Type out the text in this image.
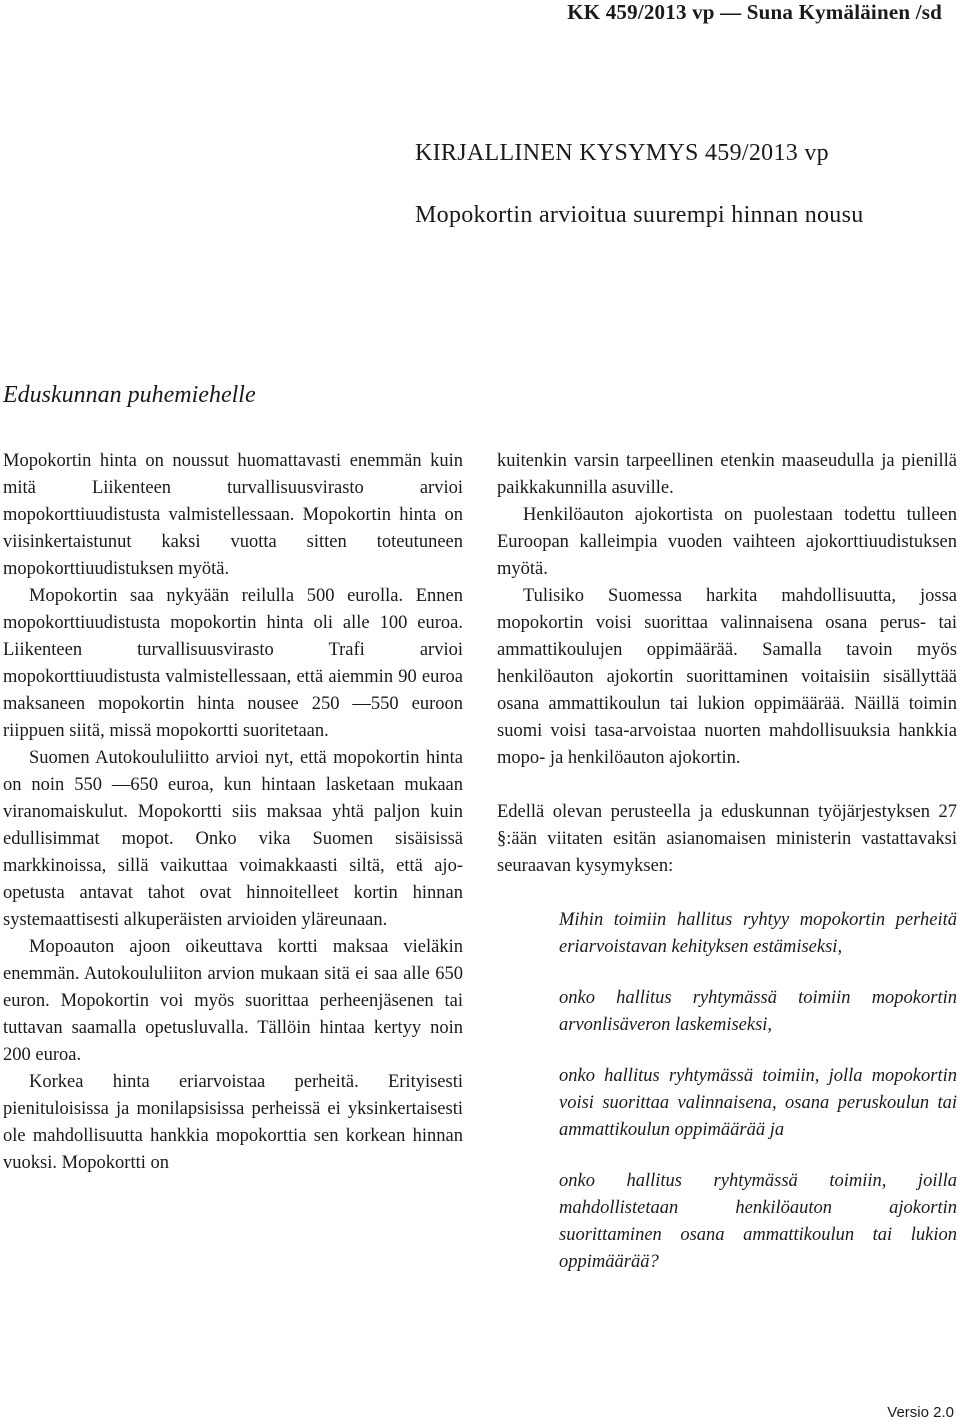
KK 459/2013 vp — Suna Kymäläinen /sd
KIRJALLINEN KYSYMYS 459/2013 vp
Mopokortin arvioitua suurempi hinnan nousu
Eduskunnan puhemiehelle

Mopokortin hinta on noussut huomattavasti enemmän kuin mitä Liikenteen turvallisuusvirasto arvioi mopokorttiuudistusta valmistellessaan. Mopokortin hinta on viisinkertaistunut kaksi vuotta sitten toteutuneen mopokorttiuudistuksen myötä.

Mopokortin saa nykyään reilulla 500 eurolla. Ennen mopokorttiuudistusta mopokortin hinta oli alle 100 euroa. Liikenteen turvallisuusvirasto Trafi arvioi mopokorttiuudistusta valmistellessaan, että aiemmin 90 euroa maksaneen mopokortin hinta nousee 250 —550 euroon riippuen siitä, missä mopokortti suoritetaan.

Suomen Autokoululiitto arvioi nyt, että mopokortin hinta on noin 550 —650 euroa, kun hintaan lasketaan mukaan viranomaiskulut. Mopokortti siis maksaa yhtä paljon kuin edullisimmat mopot. Onko vika Suomen sisäisissä markkinoissa, sillä vaikuttaa voimakkaasti siltä, että ajoopetusta antavat tahot ovat hinnoitelleet kortin hinnan systemaattisesti alkuperäisten arvioiden yläreunaan.

Mopoauton ajoon oikeuttava kortti maksaa vieläkin enemmän. Autokoululiiton arvion mukaan sitä ei saa alle 650 euron. Mopokortin voi myös suorittaa perheenjäsenen tai tuttavan saamalla opetusluvalla. Tällöin hintaa kertyy noin 200 euroa.

Korkea hinta eriarvoistaa perheitä. Erityisesti pienituloisissa ja monilapsisissa perheissä ei yksinkertaisesti ole mahdollisuutta hankkia mopokorttia sen korkean hinnan vuoksi. Mopokortti on

kuitenkin varsin tarpeellinen etenkin maaseudulla ja pienillä paikkakunnilla asuville.

Henkilöauton ajokortista on puolestaan todettu tulleen Euroopan kalleimpia vuoden vaihteen ajokorttiuudistuksen myötä.

Tulisiko Suomessa harkita mahdollisuutta, jossa mopokortin voisi suorittaa valinnaisena osana perus- tai ammattikoulujen oppimäärää. Samalla tavoin myös henkilöauton ajokortin suorittaminen voitaisiin sisällyttää osana ammattikoulun tai lukion oppimäärää. Näillä toimin suomi voisi tasa-arvoistaa nuorten mahdollisuuksia hankkia mopo- ja henkilöauton ajokortin.

Edellä olevan perusteella ja eduskunnan työjärjestyksen 27 §:ään viitaten esitän asianomaisen ministerin vastattavaksi seuraavan kysymyksen:

Mihin toimiin hallitus ryhtyy mopokortin perheitä eriarvoistavan kehityksen estämiseksi,

onko hallitus ryhtymässä toimiin mopokortin arvonlisäveron laskemiseksi,

onko hallitus ryhtymässä toimiin, jolla mopokortin voisi suorittaa valinnaisena, osana peruskoulun tai ammattikoulun oppimäärää ja

onko hallitus ryhtymässä toimiin, joilla mahdollistetaan henkilöauton ajokortin suorittaminen osana ammattikoulun tai lukion oppimäärää?

Versio 2.0
